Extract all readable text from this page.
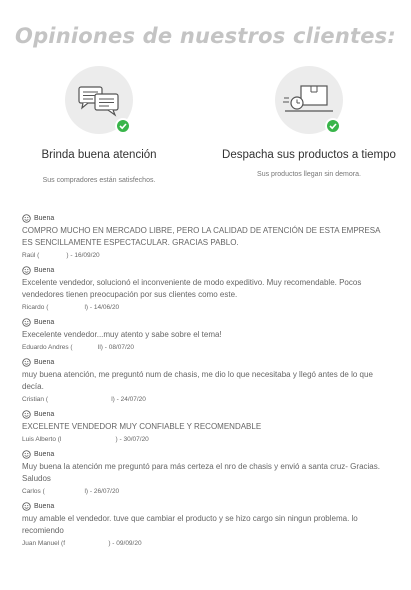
Opiniones de nuestros clientes:
Brinda buena atención
Sus compradores están satisfechos.
Despacha sus productos a tiempo
Sus productos llegan sin demora.
Buena
COMPRO MUCHO EN MERCADO LIBRE, PERO LA CALIDAD DE ATENCIÓN DE ESTA EMPRESA ES SENCILLAMENTE ESPECTACULAR. GRACIAS PABLO.
Raúl (               ) - 16/09/20
Buena
Excelente vendedor, solucionó el inconveniente de modo expeditivo. Muy recomendable. Pocos vendedores tienen preocupación por sus clientes como este.
Ricardo (                    l) - 14/06/20
Buena
Execelente vendedor...muy atento y sabe sobre el tema!
Eduardo Andres (              ll) - 08/07/20
Buena
muy buena atención, me preguntó num de chasis, me dio lo que necesitaba y llegó antes de lo que decía.
Cristian (                                   l) - 24/07/20
Buena
EXCELENTE VENDEDOR MUY CONFIABLE Y RECOMENDABLE
Luis Alberto (l                              ) - 30/07/20
Buena
Muy buena la atención me preguntó para más certeza el nro de chasis y envió a santa cruz- Gracias. Saludos
Carlos (                      l) - 26/07/20
Buena
muy amable el vendedor. tuve que cambiar el producto y se hizo cargo sin ningun problema. lo recomiendo
Juan Manuel (f                        ) - 09/09/20
